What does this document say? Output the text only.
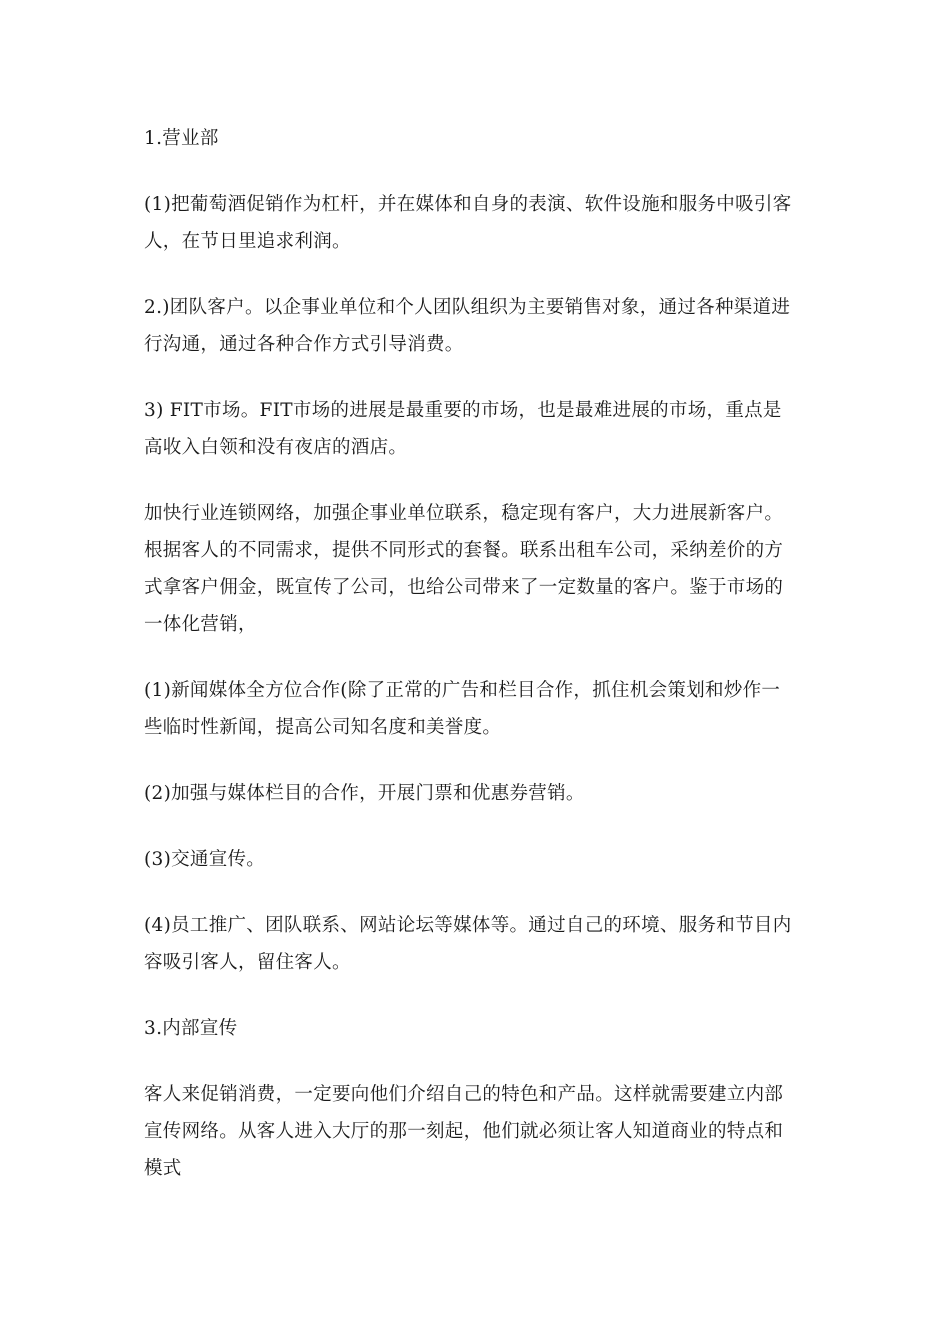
1.营业部

(1)把葡萄酒促销作为杠杆，并在媒体和自身的表演、软件设施和服务中吸引客
人，在节日里追求利润。

2.)团队客户。以企事业单位和个人团队组织为主要销售对象，通过各种渠道进
行沟通，通过各种合作方式引导消费。

3) FIT市场。FIT市场的进展是最重要的市场，也是最难进展的市场，重点是
高收入白领和没有夜店的酒店。

加快行业连锁网络，加强企事业单位联系，稳定现有客户，大力进展新客户。
根据客人的不同需求，提供不同形式的套餐。联系出租车公司，采纳差价的方
式拿客户佣金，既宣传了公司，也给公司带来了一定数量的客户。鉴于市场的
一体化营销，

(1)新闻媒体全方位合作(除了正常的广告和栏目合作，抓住机会策划和炒作一
些临时性新闻，提高公司知名度和美誉度。

(2)加强与媒体栏目的合作，开展门票和优惠券营销。

(3)交通宣传。

(4)员工推广、团队联系、网站论坛等媒体等。通过自己的环境、服务和节目内
容吸引客人，留住客人。

3.内部宣传

客人来促销消费，一定要向他们介绍自己的特色和产品。这样就需要建立内部
宣传网络。从客人进入大厅的那一刻起，他们就必须让客人知道商业的特点和
模式
